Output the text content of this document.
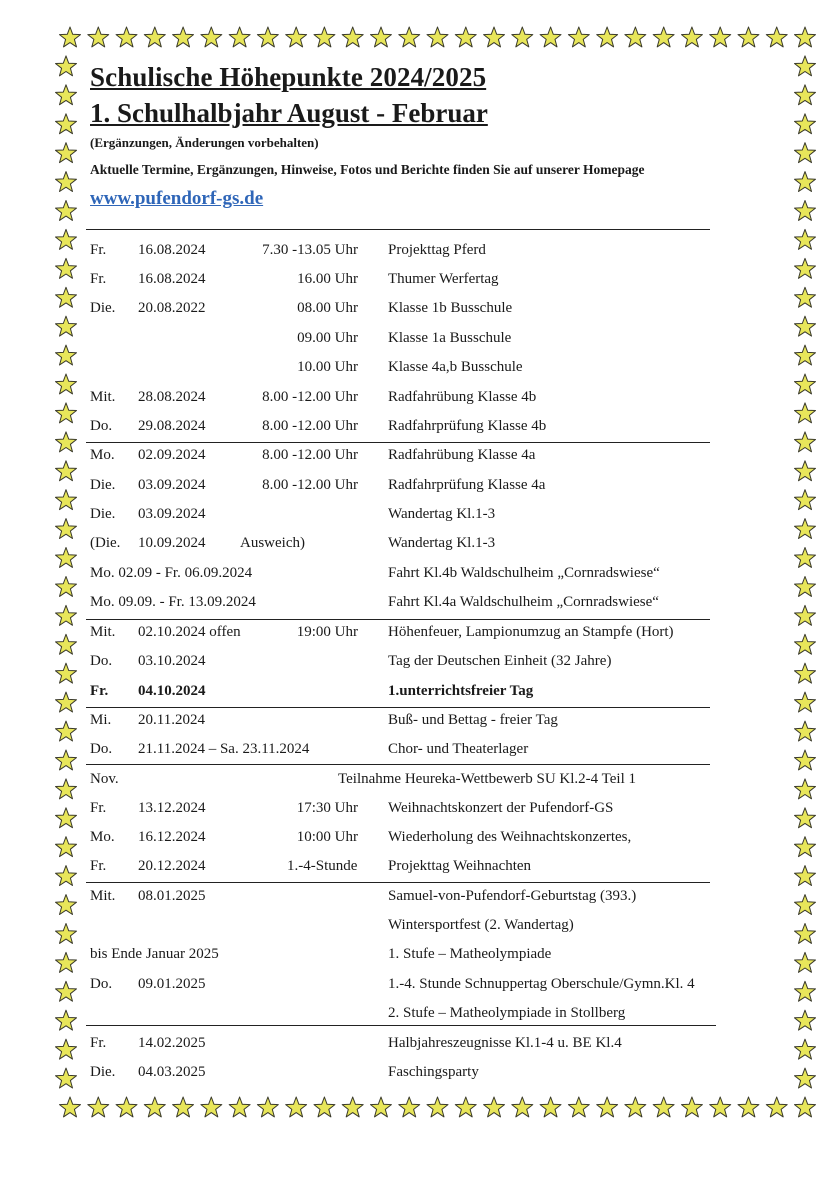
Schulische Höhepunkte 2024/2025
1. Schulhalbjahr August - Februar
(Ergänzungen, Änderungen vorbehalten)
Aktuelle Termine, Ergänzungen, Hinweise, Fotos und Berichte finden Sie auf unserer Homepage
www.pufendorf-gs.de
Fr. 16.08.2024	7.30 -13.05 Uhr Projekttag Pferd
Fr. 16.08.2024	16.00 Uhr Thumer Werfertag
Die. 20.08.2022	08.00 Uhr Klasse 1b Busschule
09.00 Uhr Klasse 1a Busschule
10.00 Uhr Klasse 4a,b Busschule
Mit. 28.08.2024	8.00 -12.00 Uhr Radfahrübung Klasse 4b
Do. 29.08.2024	8.00 -12.00 Uhr Radfahrprüfung Klasse 4b
Mo. 02.09.2024	8.00 -12.00 Uhr Radfahrübung Klasse 4a
Die. 03.09.2024	8.00 -12.00 Uhr Radfahrprüfung Klasse 4a
Die. 03.09.2024	Wandertag Kl.1-3
(Die. 10.09.2024 Ausweich)	Wandertag Kl.1-3
Mo. 02.09 - Fr. 06.09.2024	Fahrt Kl.4b Waldschulheim „Cornradswiese“
Mo. 09.09. - Fr. 13.09.2024	Fahrt Kl.4a Waldschulheim „Cornradswiese“
Mit. 02.10.2024 offen	19:00 Uhr Höhenfeuer, Lampionumzug an Stampfe (Hort)
Do. 03.10.2024	Tag der Deutschen Einheit (32 Jahre)
Fr. 04.10.2024	1.unterrichtsfreier Tag
Mi. 20.11.2024	Buß- und Bettag - freier Tag
Do. 21.11.2024 – Sa. 23.11.2024	Chor- und Theaterlager
Nov.	Teilnahme Heureka-Wettbewerb SU Kl.2-4 Teil 1
Fr. 13.12.2024	17:30 Uhr Weihnachtskonzert der Pufendorf-GS
Mo. 16.12.2024	10:00 Uhr Wiederholung des Weihnachtskonzertes,
Fr. 20.12.2024	1.-4-Stunde Projekttag Weihnachten
Mit. 08.01.2025	Samuel-von-Pufendorf-Geburtstag (393.)
Wintersportfest (2. Wandertag)
bis Ende Januar 2025	1. Stufe – Matheolympiade
Do. 09.01.2025	1.-4. Stunde Schnuppertag Oberschule/Gymn.Kl. 4
2. Stufe – Matheolympiade in Stollberg
Fr. 14.02.2025	Halbjahreszeugnisse Kl.1-4 u. BE Kl.4
Die. 04.03.2025	Faschingsparty
